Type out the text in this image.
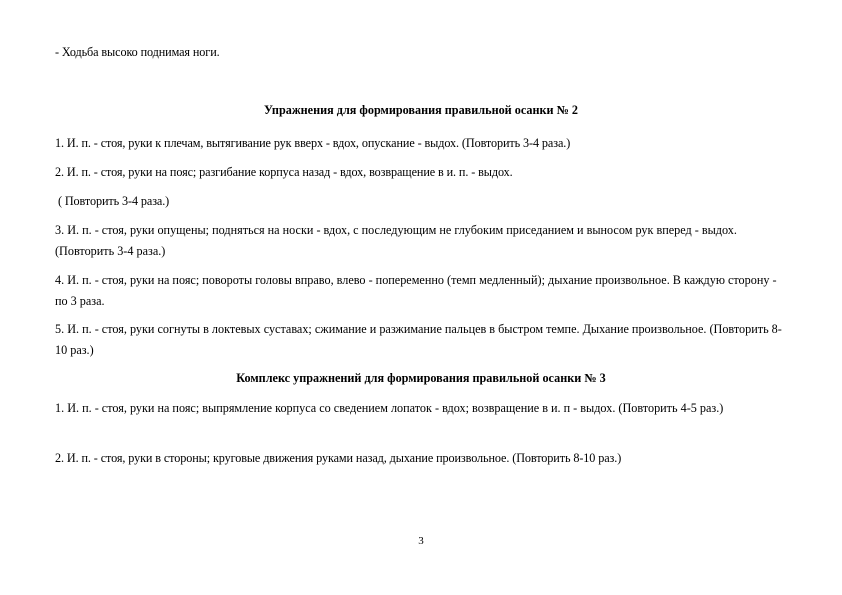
- Ходьба высоко поднимая ноги.
Упражнения для формирования правильной осанки № 2
1. И. п. - стоя, руки к плечам, вытягивание рук вверх - вдох, опускание - выдох. (Повторить 3-4 раза.)
2. И. п. - стоя, руки на пояс; разгибание корпуса назад - вдох, возвращение в и. п. - выдох.
( Повторить 3-4 раза.)
3. И. п. - стоя, руки опущены; подняться на носки - вдох, с последующим не глубоким приседанием и выносом рук вперед - выдох. (Повторить 3-4 раза.)
4. И. п. - стоя, руки на пояс; повороты головы вправо, влево - попеременно (темп медленный); дыхание произвольное. В каждую сторону - по 3 раза.
5. И. п. - стоя, руки согнуты в локтевых суставах; сжимание и разжимание пальцев в быстром темпе. Дыхание произвольное. (Повторить 8-10 раз.)
Комплекс упражнений для формирования правильной осанки № 3
1. И. п. - стоя, руки на пояс; выпрямление корпуса со сведением лопаток - вдох; возвращение в и. п - выдох. (Повторить 4-5 раз.)
2. И. п. - стоя, руки в стороны; круговые движения руками назад, дыхание произвольное. (Повторить 8-10 раз.)
3
